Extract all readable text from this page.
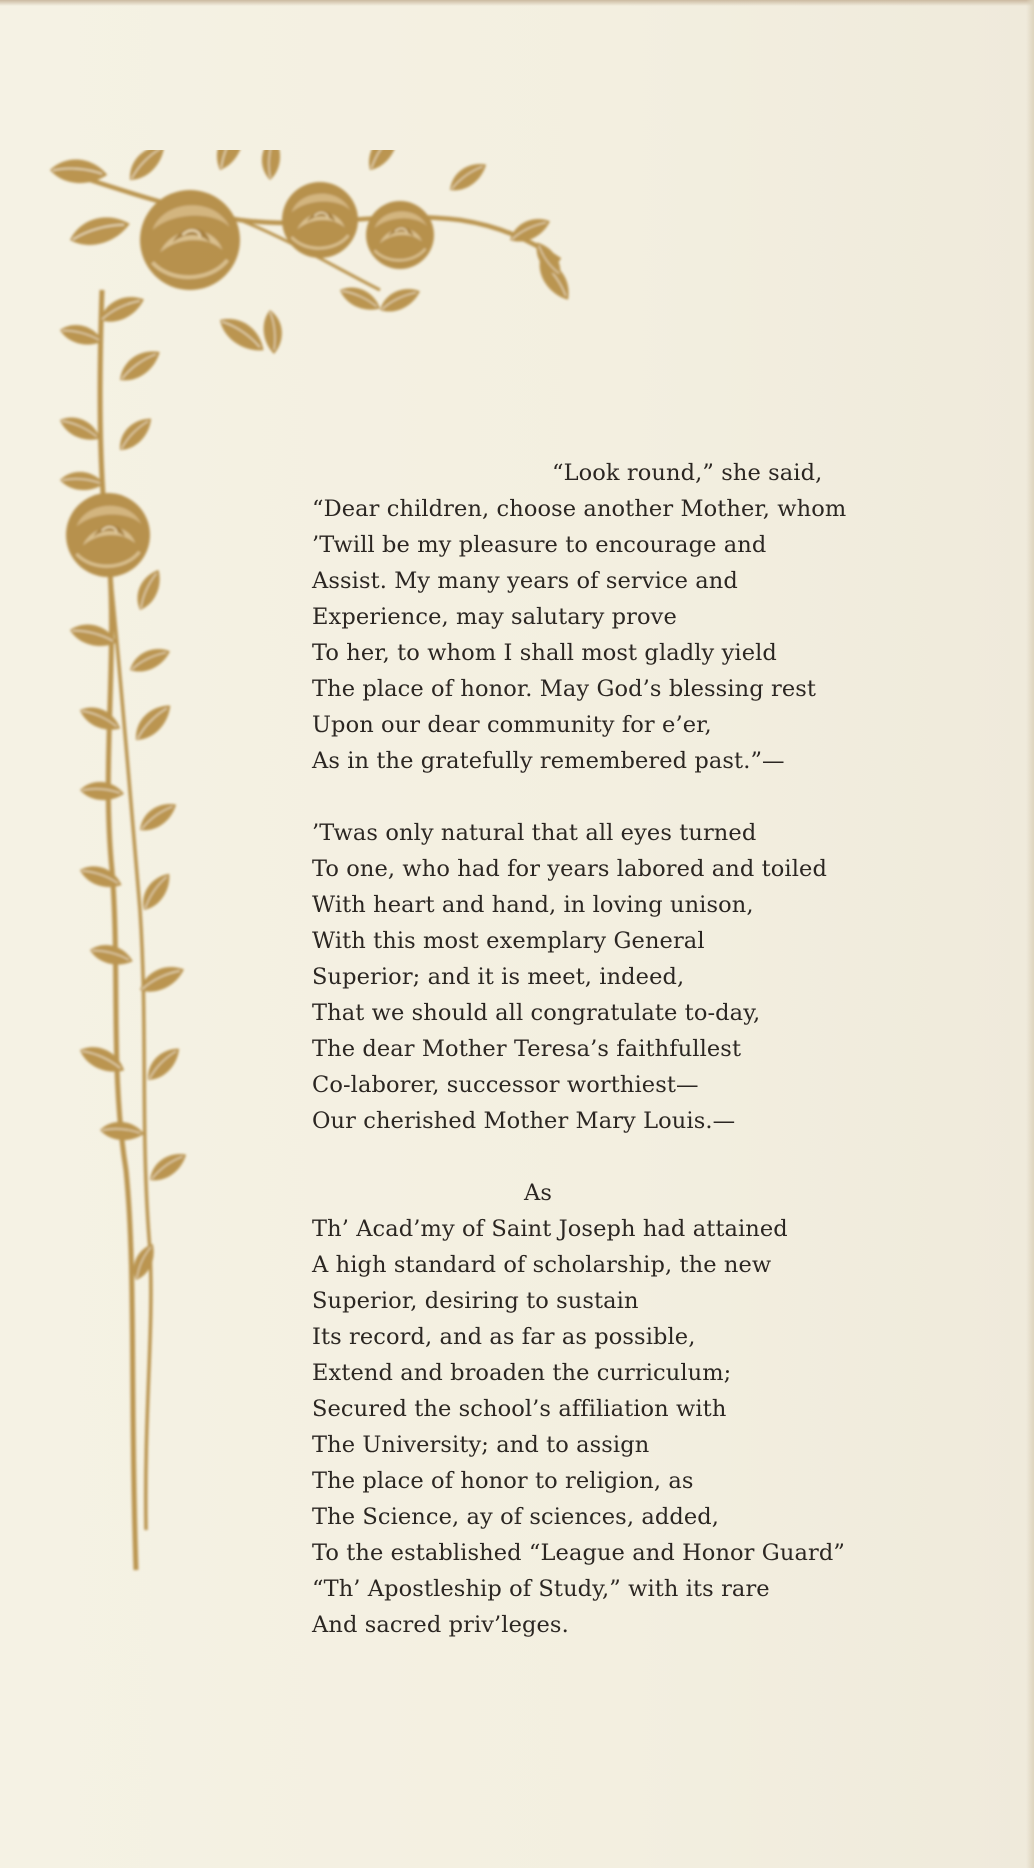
“Look round,” she said,
“Dear children, choose another Mother, whom
’Twill be my pleasure to encourage and
Assist. My many years of service and
Experience, may salutary prove
To her, to whom I shall most gladly yield
The place of honor. May God’s blessing rest
Upon our dear community for e’er,
As in the gratefully remembered past.”—
’Twas only natural that all eyes turned
To one, who had for years labored and toiled
With heart and hand, in loving unison,
With this most exemplary General
Superior; and it is meet, indeed,
That we should all congratulate to-day,
The dear Mother Teresa’s faithfullest
Co-laborer, successor worthiest—
Our cherished Mother Mary Louis.—
As
Th’ Acad’my of Saint Joseph had attained
A high standard of scholarship, the new
Superior, desiring to sustain
Its record, and as far as possible,
Extend and broaden the curriculum;
Secured the school’s affiliation with
The University; and to assign
The place of honor to religion, as
The Science, ay of sciences, added,
To the established “League and Honor Guard”
“Th’ Apostleship of Study,” with its rare
And sacred priv’leges.
